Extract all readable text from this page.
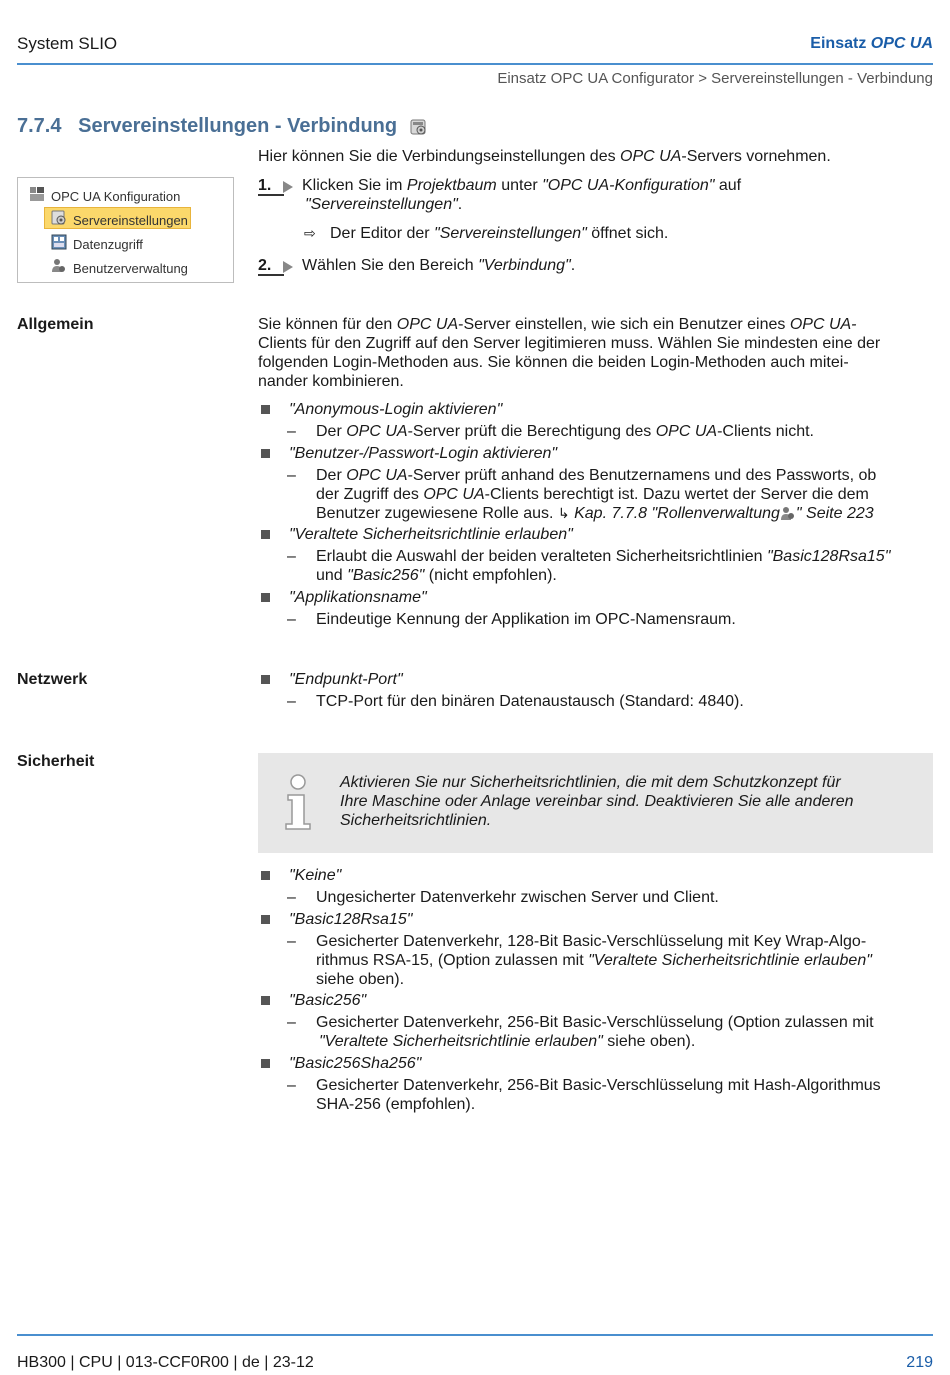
System SLIO	Einsatz OPC UA
Einsatz OPC UA Configurator > Servereinstellungen - Verbindung
7.7.4 Servereinstellungen - Verbindung
Hier können Sie die Verbindungseinstellungen des OPC UA-Servers vornehmen.
OPC UA Konfiguration
Servereinstellungen
Datenzugriff
Benutzerverwaltung
1. Klicken Sie im Projektbaum unter "OPC UA-Konfiguration" auf
"Servereinstellungen".
⇨ Der Editor der "Servereinstellungen" öffnet sich.
2. Wählen Sie den Bereich "Verbindung".
Allgemein	Sie können für den OPC UA-Server einstellen, wie sich ein Benutzer eines OPC UA-
Clients für den Zugriff auf den Server legitimieren muss. Wählen Sie mindesten eine der
folgenden Login-Methoden aus. Sie können die beiden Login-Methoden auch mitei-
nander kombinieren.
"Anonymous-Login aktivieren"
– Der OPC UA-Server prüft die Berechtigung des OPC UA-Clients nicht.
"Benutzer-/Passwort-Login aktivieren"
– Der OPC UA-Server prüft anhand des Benutzernamens und des Passworts, ob
der Zugriff des OPC UA-Clients berechtigt ist. Dazu wertet der Server die dem
Benutzer zugewiesene Rolle aus. ↳ Kap. 7.7.8 "Rollenverwaltung " Seite 223
"Veraltete Sicherheitsrichtlinie erlauben"
– Erlaubt die Auswahl der beiden veralteten Sicherheitsrichtlinien "Basic128Rsa15"
und "Basic256" (nicht empfohlen).
"Applikationsname"
– Eindeutige Kennung der Applikation im OPC-Namensraum.
Netzwerk	"Endpunkt-Port"
– TCP-Port für den binären Datenaustausch (Standard: 4840).
Sicherheit
Aktivieren Sie nur Sicherheitsrichtlinien, die mit dem Schutzkonzept für
Ihre Maschine oder Anlage vereinbar sind. Deaktivieren Sie alle anderen
Sicherheitsrichtlinien.
"Keine"
– Ungesicherter Datenverkehr zwischen Server und Client.
"Basic128Rsa15"
– Gesicherter Datenverkehr, 128-Bit Basic-Verschlüsselung mit Key Wrap-Algo-
rithmus RSA-15, (Option zulassen mit "Veraltete Sicherheitsrichtlinie erlauben"
siehe oben).
"Basic256"
– Gesicherter Datenverkehr, 256-Bit Basic-Verschlüsselung (Option zulassen mit
"Veraltete Sicherheitsrichtlinie erlauben" siehe oben).
"Basic256Sha256"
– Gesicherter Datenverkehr, 256-Bit Basic-Verschlüsselung mit Hash-Algorithmus
SHA-256 (empfohlen).
HB300 | CPU | 013-CCF0R00 | de | 23-12	219
